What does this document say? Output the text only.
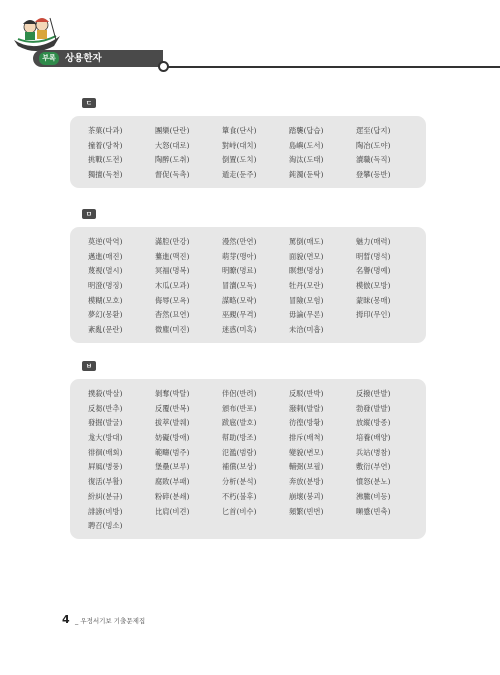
부록 상용한자
ㄷ
茶菓(다과)	團欒(단란)	簞食(단사)	踏襲(답습)	遝至(답지)
撞着(당착)	大怒(대로)	對峙(대치)	島嶼(도서)	陶冶(도야)
挑戰(도전)	陶醉(도취)	倒置(도치)	淘汰(도태)	瀆職(독직)
獨擅(독천)	督促(독촉)	遁走(둔주)	鈍濁(둔탁)	登攀(등반)
ㅁ
莫逆(막역)	滿腔(만강)	漫然(만연)	罵倒(매도)	魅力(매력)
邁進(매진)	驀進(맥진)	萌芽(맹아)	面貌(면모)	明晳(명석)
蔑視(멸시)	冥福(명복)	明瞭(명료)	瞑想(명상)	名譽(명예)
明澄(명징)	木瓜(모과)	冒瀆(모독)	牡丹(모란)	模倣(모방)
模糊(모호)	侮辱(모욕)	謀略(모략)	冒險(모험)	蒙昧(몽매)
夢幻(몽환)	杳然(묘연)	巫覡(무격)	毋論(무론)	拇印(무인)
紊亂(문란)	微塵(미진)	迷惑(미혹)	未洽(미흡)
ㅂ
撲殺(박살)	剝奪(박탈)	伴侶(반려)	反駁(반박)	反撥(반발)
反芻(반추)	反覆(반복)	頒布(반포)	潑剌(발랄)	勃發(발발)
發掘(발굴)	拔萃(발췌)	跋扈(발호)	彷徨(방황)	放縱(방종)
尨大(방대)	妨礙(방애)	幇助(방조)	排斥(배척)	培養(배양)
徘徊(배회)	範疇(범주)	氾濫(범람)	變貌(변모)	兵站(병참)
屛風(병풍)	堡壘(보루)	補償(보상)	輔弼(보필)	敷衍(부연)
復活(부활)	腐敗(부패)	分析(분석)	奔放(분방)	憤怒(분노)
紛糾(분규)	粉碎(분쇄)	不朽(불후)	崩壞(붕괴)	沸騰(비등)
誹謗(비방)	比肩(비견)	匕首(비수)	頻繁(빈번)	嚬蹙(빈축)
聘召(빙소)
4 _ 우정서기보 기출문제집
